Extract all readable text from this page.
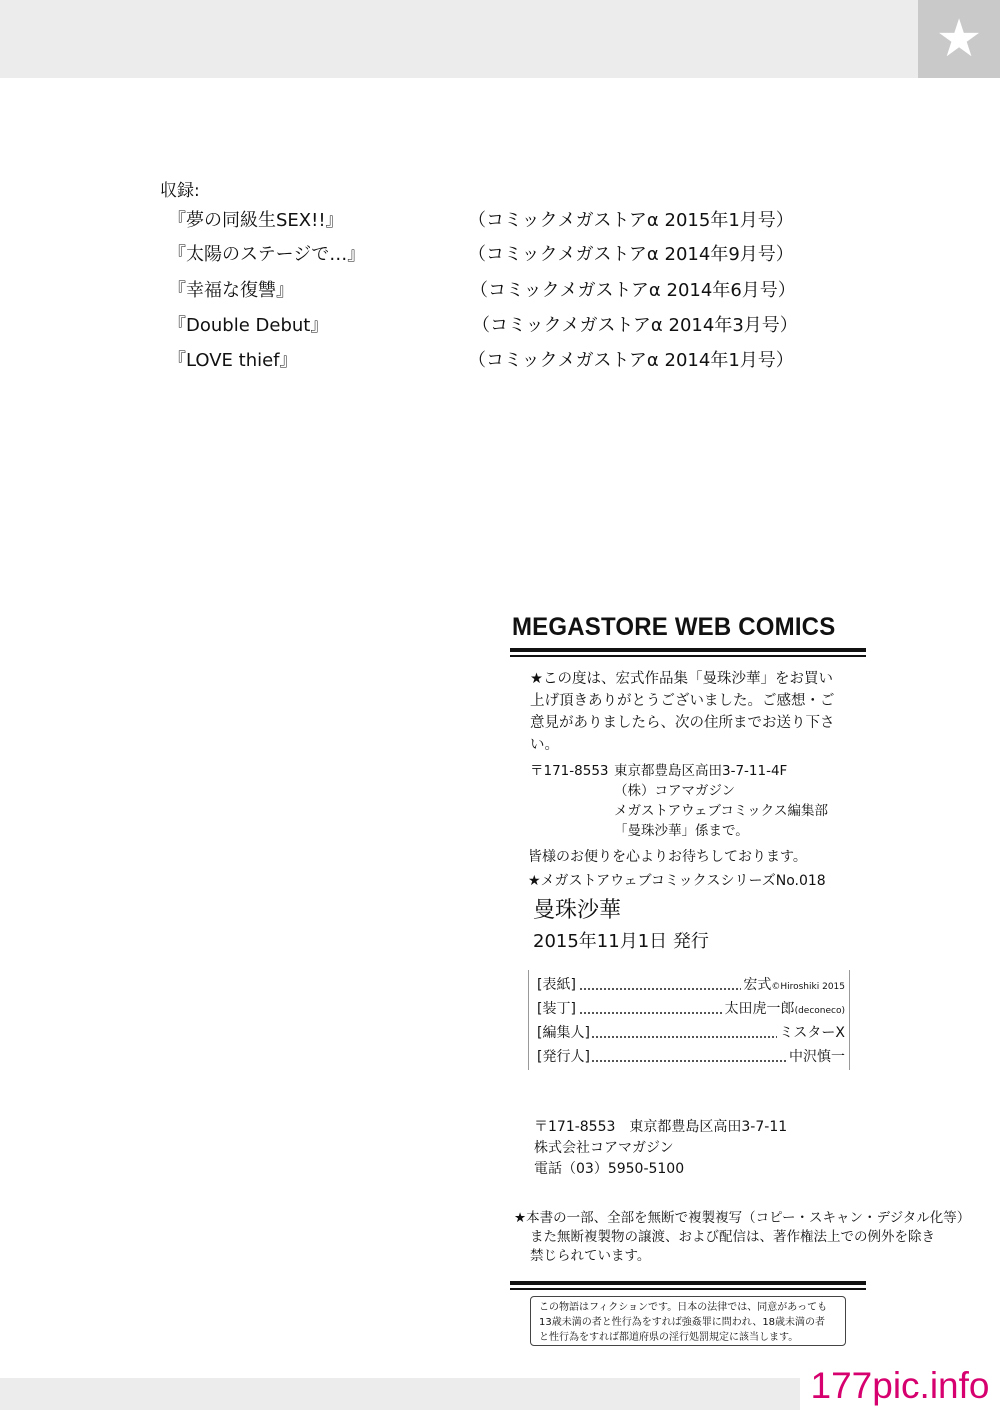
★
収録:
『夢の同級生SEX!!』	（コミックメガストアα 2015年1月号）
『太陽のステージで…』	（コミックメガストアα 2014年9月号）
『幸福な復讐』	（コミックメガストアα 2014年6月号）
『Double Debut』	（コミックメガストアα 2014年3月号）
『LOVE thief』	（コミックメガストアα 2014年1月号）
MEGASTORE WEB COMICS
★この度は、宏式作品集「曼珠沙華」をお買い
上げ頂きありがとうございました。ご感想・ご
意見がありましたら、次の住所までお送り下さ
い。
〒171-8553 東京都豊島区高田3-7-11-4F
（株）コアマガジン
メガストアウェブコミックス編集部
「曼珠沙華」係まで。
皆様のお便りを心よりお待ちしております。
★メガストアウェブコミックスシリーズNo.018
曼珠沙華
2015年11月1日 発行
[表紙]	宏式©Hiroshiki 2015
[装丁]	太田虎一郎(deconeco)
[編集人]	ミスターX
[発行人]	中沢慎一
〒171-8553　東京都豊島区高田3-7-11
株式会社コアマガジン
電話（03）5950-5100
★本書の一部、全部を無断で複製複写（コピー・スキャン・デジタル化等）
また無断複製物の譲渡、および配信は、著作権法上での例外を除き
禁じられています。
この物語はフィクションです。日本の法律では、同意があっても
13歳未満の者と性行為をすれば強姦罪に問われ、18歳未満の者
と性行為をすれば都道府県の淫行処罰規定に該当します。
177pic.info
